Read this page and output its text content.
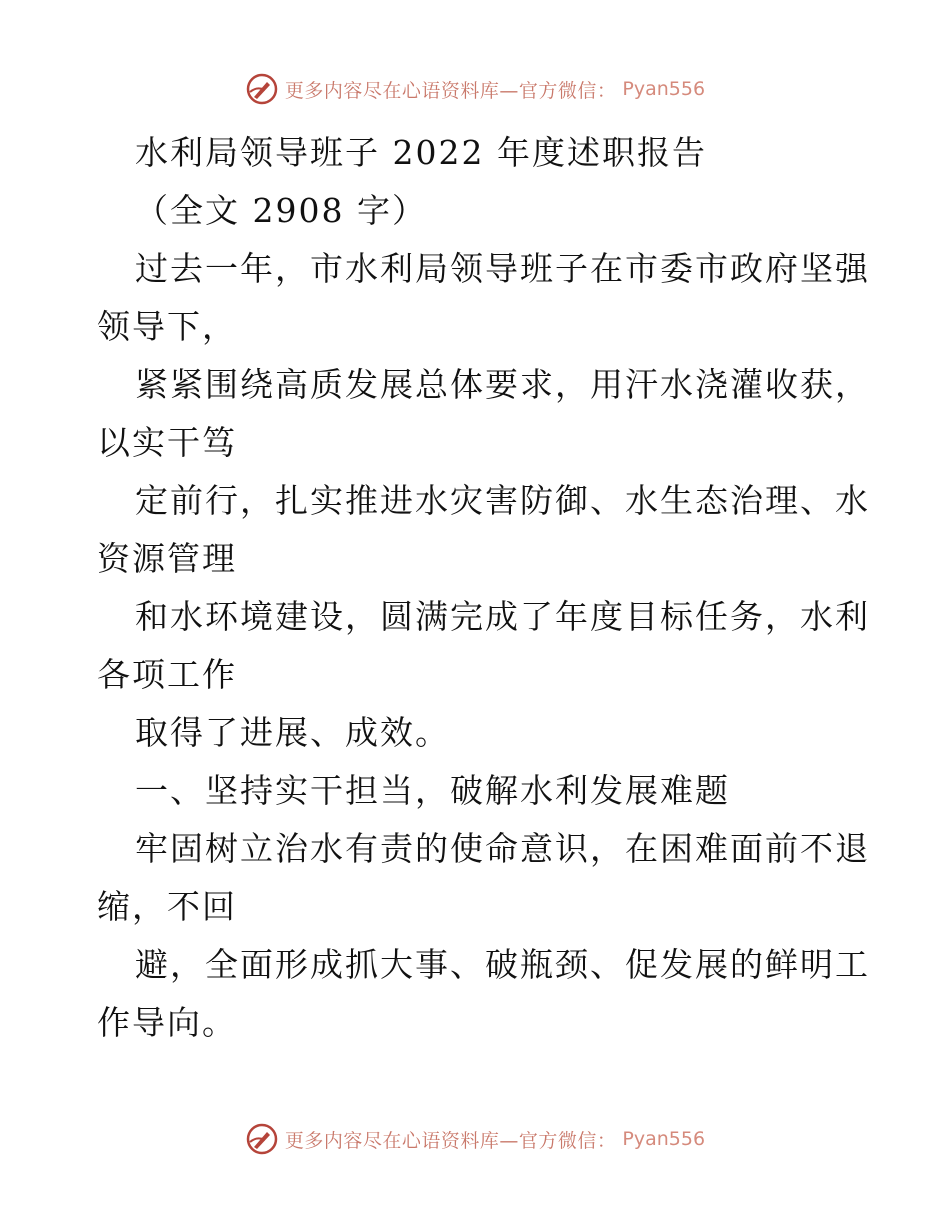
更多内容尽在心语资料库—官方微信： Pyan556
水利局领导班子 2022 年度述职报告
（全文 2908 字）
过去一年，市水利局领导班子在市委市政府坚强
领导下，
紧紧围绕高质发展总体要求，用汗水浇灌收获，
以实干笃
定前行，扎实推进水灾害防御、水生态治理、水
资源管理
和水环境建设，圆满完成了年度目标任务，水利
各项工作
取得了进展、成效。
一、坚持实干担当，破解水利发展难题
牢固树立治水有责的使命意识，在困难面前不退
缩，不回
避，全面形成抓大事、破瓶颈、促发展的鲜明工
作导向。
更多内容尽在心语资料库—官方微信： Pyan556
